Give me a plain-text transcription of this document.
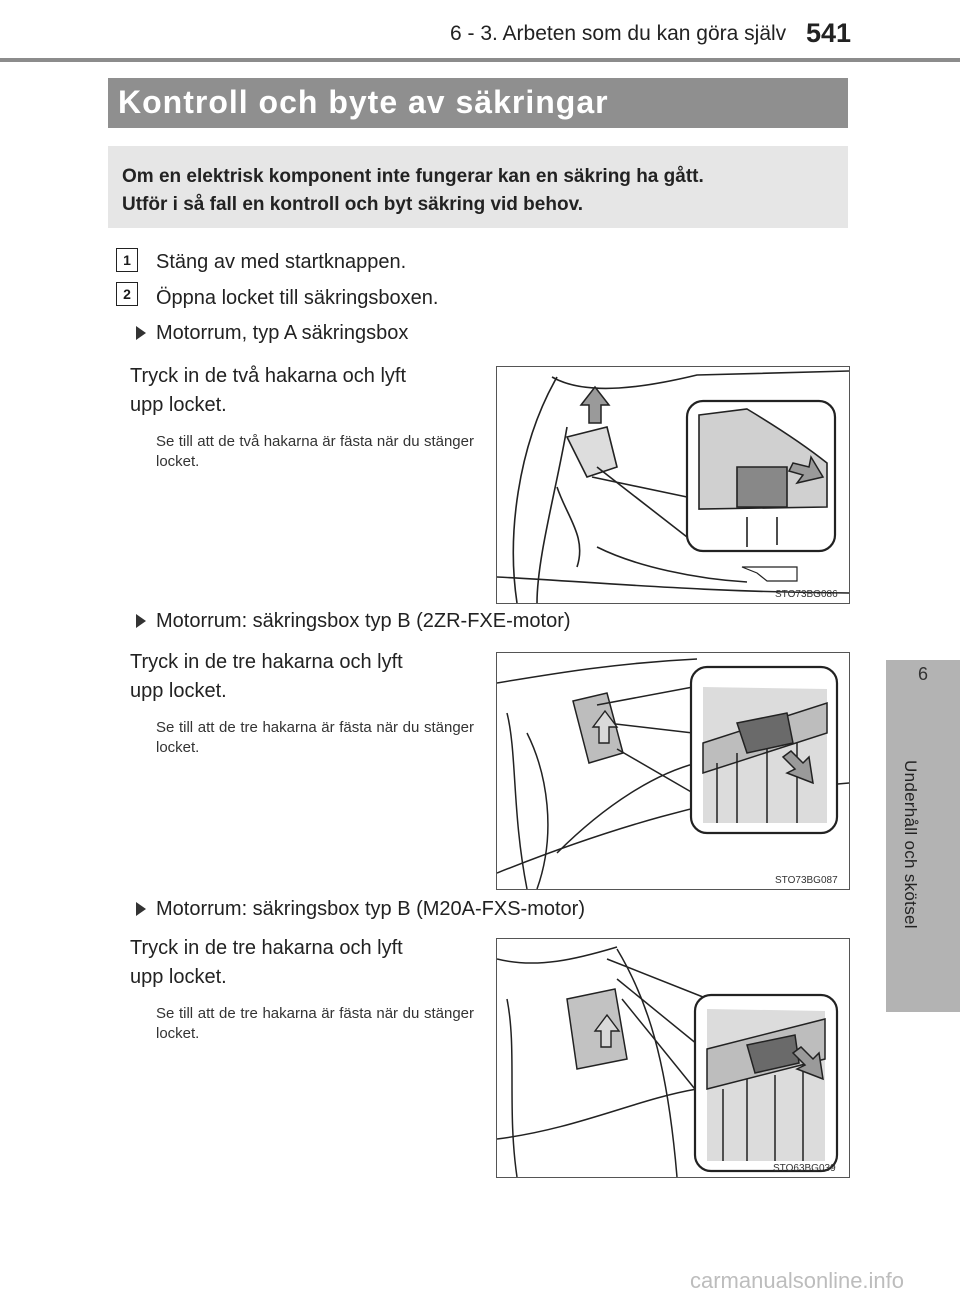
6 - 3. Arbeten som du kan göra själv 541
6
Underhåll och skötsel
Kontroll och byte av säkringar
Om en elektrisk komponent inte fungerar kan en säkring ha gått.
Utför i så fall en kontroll och byt säkring vid behov.
1	Stäng av med startknappen.
2	Öppna locket till säkringsboxen.
Motorrum, typ A säkringsbox
Tryck in de två hakarna och lyft
upp locket.
Se till att de två hakarna är fästa när du stänger locket.
STO73BG086
Motorrum: säkringsbox typ B (2ZR-FXE-motor)
Tryck in de tre hakarna och lyft
upp locket.
Se till att de tre hakarna är fästa när du stänger locket.
STO73BG087
Motorrum: säkringsbox typ B (M20A-FXS-motor)
Tryck in de tre hakarna och lyft
upp locket.
Se till att de tre hakarna är fästa när du stänger locket.
STO63BG039
carmanualsonline.info
